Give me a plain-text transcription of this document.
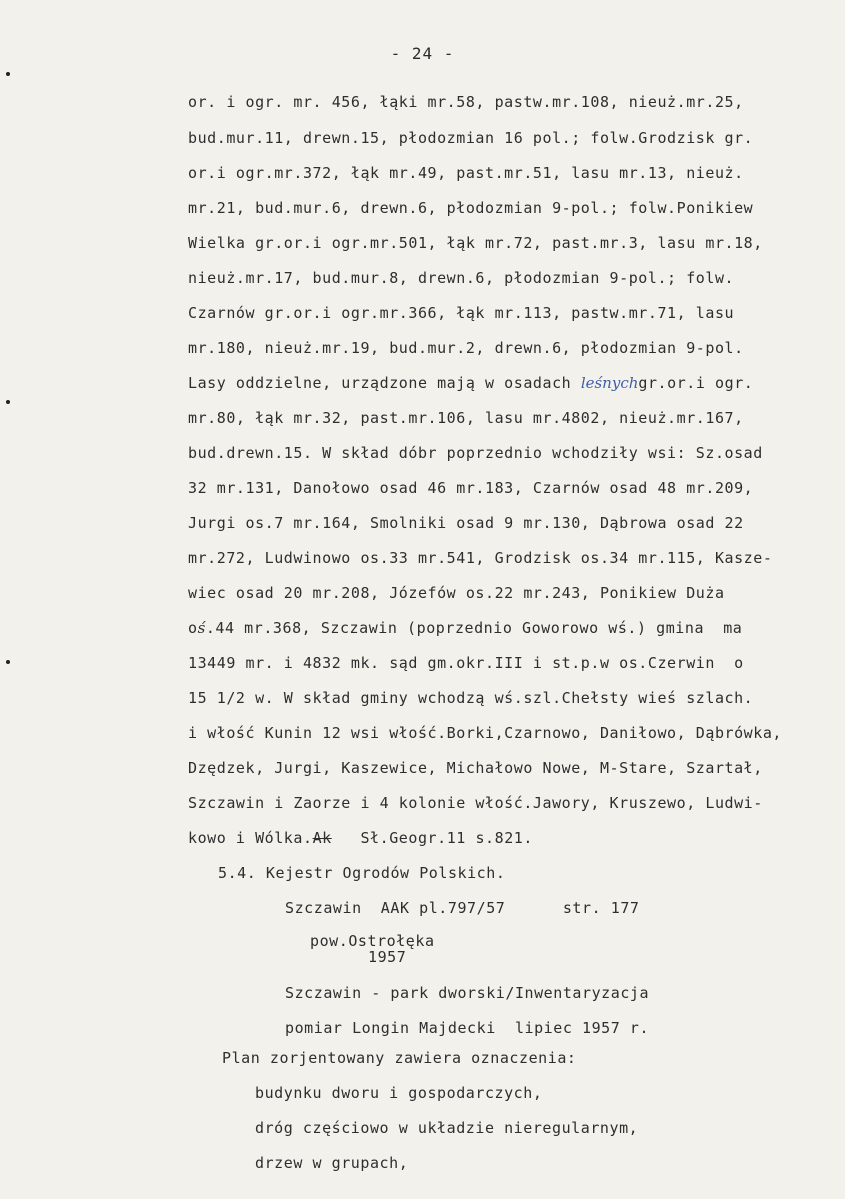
- 24 -
or. i ogr. mr. 456, łąki mr.58, pastw.mr.108, nieuż.mr.25,
bud.mur.11, drewn.15, płodozmian 16 pol.; folw.Grodzisk gr.
or.i ogr.mr.372, łąk mr.49, past.mr.51, lasu mr.13, nieuż.
mr.21, bud.mur.6, drewn.6, płodozmian 9-pol.; folw.Ponikiew
Wielka gr.or.i ogr.mr.501, łąk mr.72, past.mr.3, lasu mr.18,
nieuż.mr.17, bud.mur.8, drewn.6, płodozmian 9-pol.; folw.
Czarnów gr.or.i ogr.mr.366, łąk mr.113, pastw.mr.71, lasu
mr.180, nieuż.mr.19, bud.mur.2, drewn.6, płodozmian 9-pol.
Lasy oddzielne, urządzone mają w osadach leśnychgr.or.i ogr.
mr.80, łąk mr.32, past.mr.106, lasu mr.4802, nieuż.mr.167,
bud.drewn.15. W skład dóbr poprzednio wchodziły wsi: Sz.osad
32 mr.131, Danołowo osad 46 mr.183, Czarnów osad 48 mr.209,
Jurgi os.7 mr.164, Smolniki osad 9 mr.130, Dąbrowa osad 22
mr.272, Ludwinowo os.33 mr.541, Grodzisk os.34 mr.115, Kasze-
wiec osad 20 mr.208, Józefów os.22 mr.243, Ponikiew Duża
oś.44 mr.368, Szczawin (poprzednio Goworowo wś.) gmina  ma
13449 mr. i 4832 mk. sąd gm.okr.III i st.p.w os.Czerwin  o
15 1/2 w. W skład gminy wchodzą wś.szl.Chełsty wieś szlach.
i włość Kunin 12 wsi włość.Borki,Czarnowo, Daniłowo, Dąbrówka,
Dzędzek, Jurgi, Kaszewice, Michałowo Nowe, M-Stare, Szartał,
Szczawin i Zaorze i 4 kolonie włość.Jawory, Kruszewo, Ludwi-
kowo i Wólka.Ak   Sł.Geogr.11 s.821.
5.4. Kejestr Ogrodów Polskich.
Szczawin  AAK pl.797/57      str. 177
pow.Ostrołęka
1957
Szczawin - park dworski/Inwentaryzacja
pomiar Longin Majdecki  lipiec 1957 r.
Plan zorjentowany zawiera oznaczenia:
budynku dworu i gospodarczych,
dróg częściowo w układzie nieregularnym,
drzew w grupach,
